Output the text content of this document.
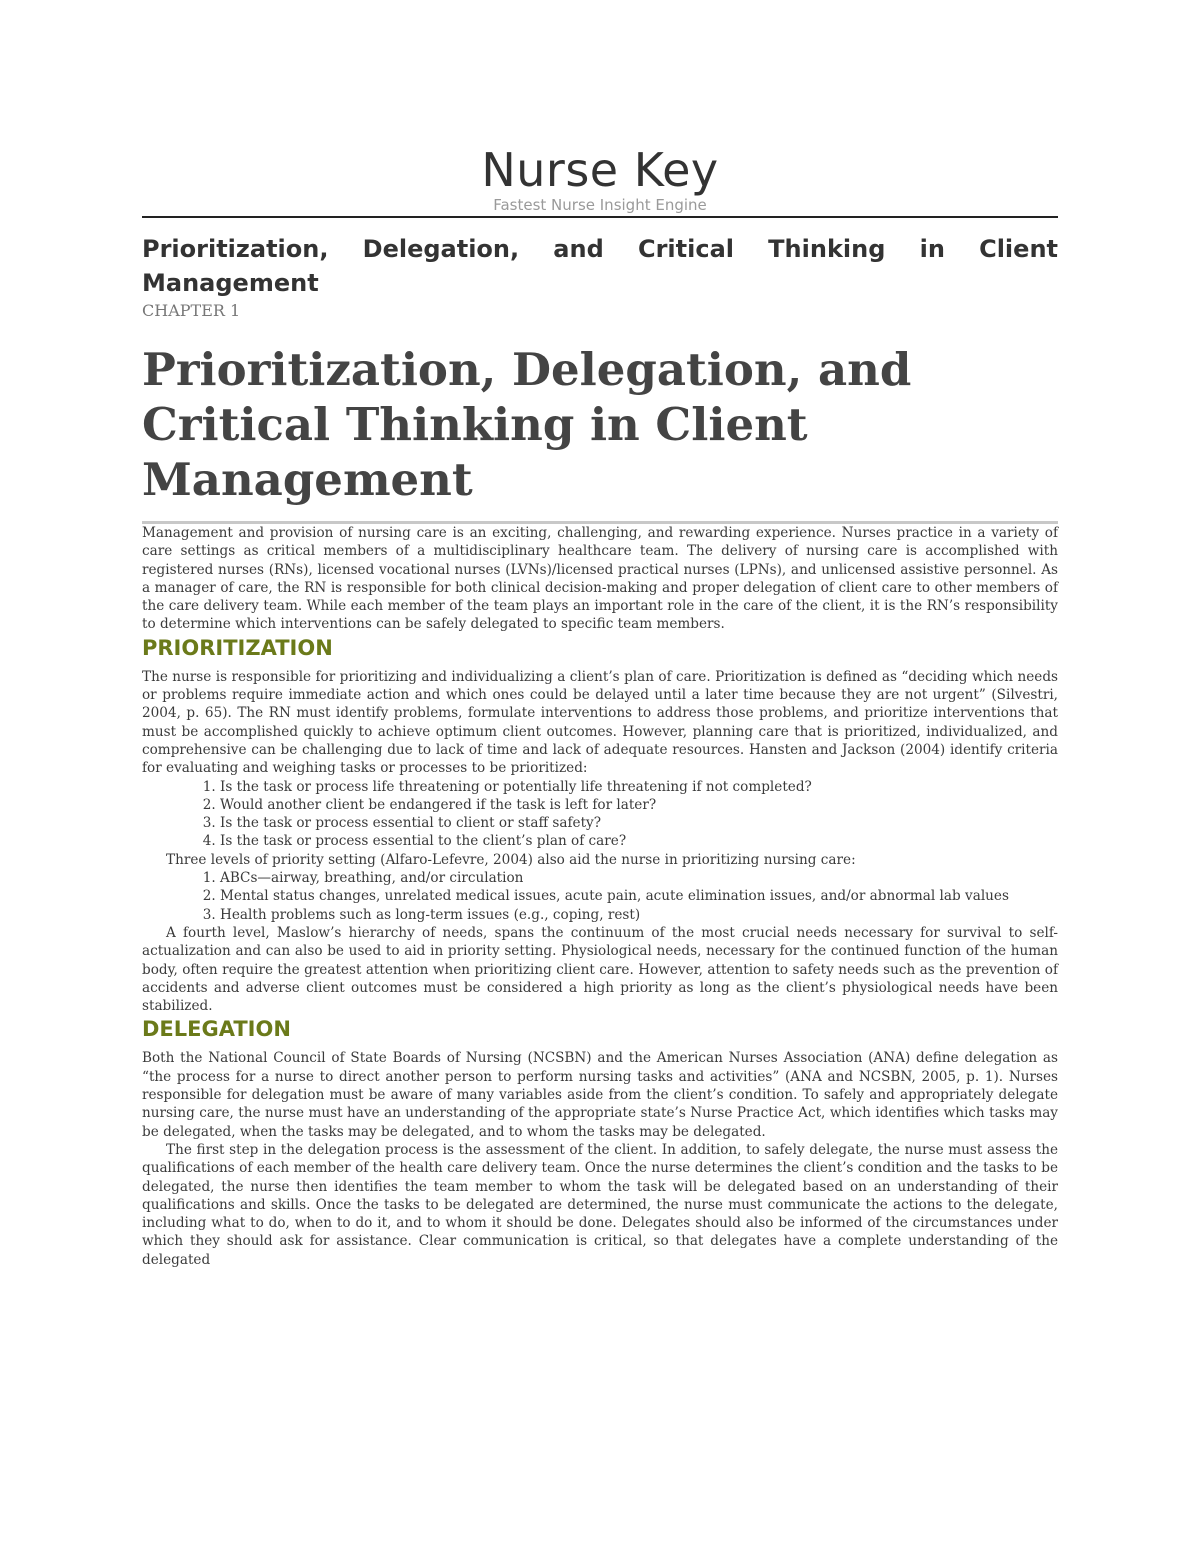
Nurse Key
Fastest Nurse Insight Engine
Prioritization, Delegation, and Critical Thinking in Client Management
CHAPTER 1
Prioritization, Delegation, and Critical Thinking in Client Management

Management and provision of nursing care is an exciting, challenging, and rewarding experience. Nurses practice in a variety of care settings as critical members of a multidisciplinary healthcare team. The delivery of nursing care is accomplished with registered nurses (RNs), licensed vocational nurses (LVNs)/licensed practical nurses (LPNs), and unlicensed assistive personnel. As a manager of care, the RN is responsible for both clinical decision-making and proper delegation of client care to other members of the care delivery team. While each member of the team plays an important role in the care of the client, it is the RN’s responsibility to determine which interventions can be safely delegated to specific team members.

PRIORITIZATION

The nurse is responsible for prioritizing and individualizing a client’s plan of care. Prioritization is defined as “deciding which needs or problems require immediate action and which ones could be delayed until a later time because they are not urgent” (Silvestri, 2004, p. 65). The RN must identify problems, formulate interventions to address those problems, and prioritize interventions that must be accomplished quickly to achieve optimum client outcomes. However, planning care that is prioritized, individualized, and comprehensive can be challenging due to lack of time and lack of adequate resources. Hansten and Jackson (2004) identify criteria for evaluating and weighing tasks or processes to be prioritized:

1. Is the task or process life threatening or potentially life threatening if not completed?
2. Would another client be endangered if the task is left for later?
3. Is the task or process essential to client or staff safety?
4. Is the task or process essential to the client’s plan of care?

Three levels of priority setting (Alfaro-Lefevre, 2004) also aid the nurse in prioritizing nursing care:

1. ABCs—airway, breathing, and/or circulation
2. Mental status changes, unrelated medical issues, acute pain, acute elimination issues, and/or abnormal lab values
3. Health problems such as long-term issues (e.g., coping, rest)

A fourth level, Maslow’s hierarchy of needs, spans the continuum of the most crucial needs necessary for survival to self-actualization and can also be used to aid in priority setting. Physiological needs, necessary for the continued function of the human body, often require the greatest attention when prioritizing client care. However, attention to safety needs such as the prevention of accidents and adverse client outcomes must be considered a high priority as long as the client’s physiological needs have been stabilized.

DELEGATION

Both the National Council of State Boards of Nursing (NCSBN) and the American Nurses Association (ANA) define delegation as “the process for a nurse to direct another person to perform nursing tasks and activities” (ANA and NCSBN, 2005, p. 1). Nurses responsible for delegation must be aware of many variables aside from the client’s condition. To safely and appropriately delegate nursing care, the nurse must have an understanding of the appropriate state’s Nurse Practice Act, which identifies which tasks may be delegated, when the tasks may be delegated, and to whom the tasks may be delegated.

The first step in the delegation process is the assessment of the client. In addition, to safely delegate, the nurse must assess the qualifications of each member of the health care delivery team. Once the nurse determines the client’s condition and the tasks to be delegated, the nurse then identifies the team member to whom the task will be delegated based on an understanding of their qualifications and skills. Once the tasks to be delegated are determined, the nurse must communicate the actions to the delegate, including what to do, when to do it, and to whom it should be done. Delegates should also be informed of the circumstances under which they should ask for assistance. Clear communication is critical, so that delegates have a complete understanding of the delegated
